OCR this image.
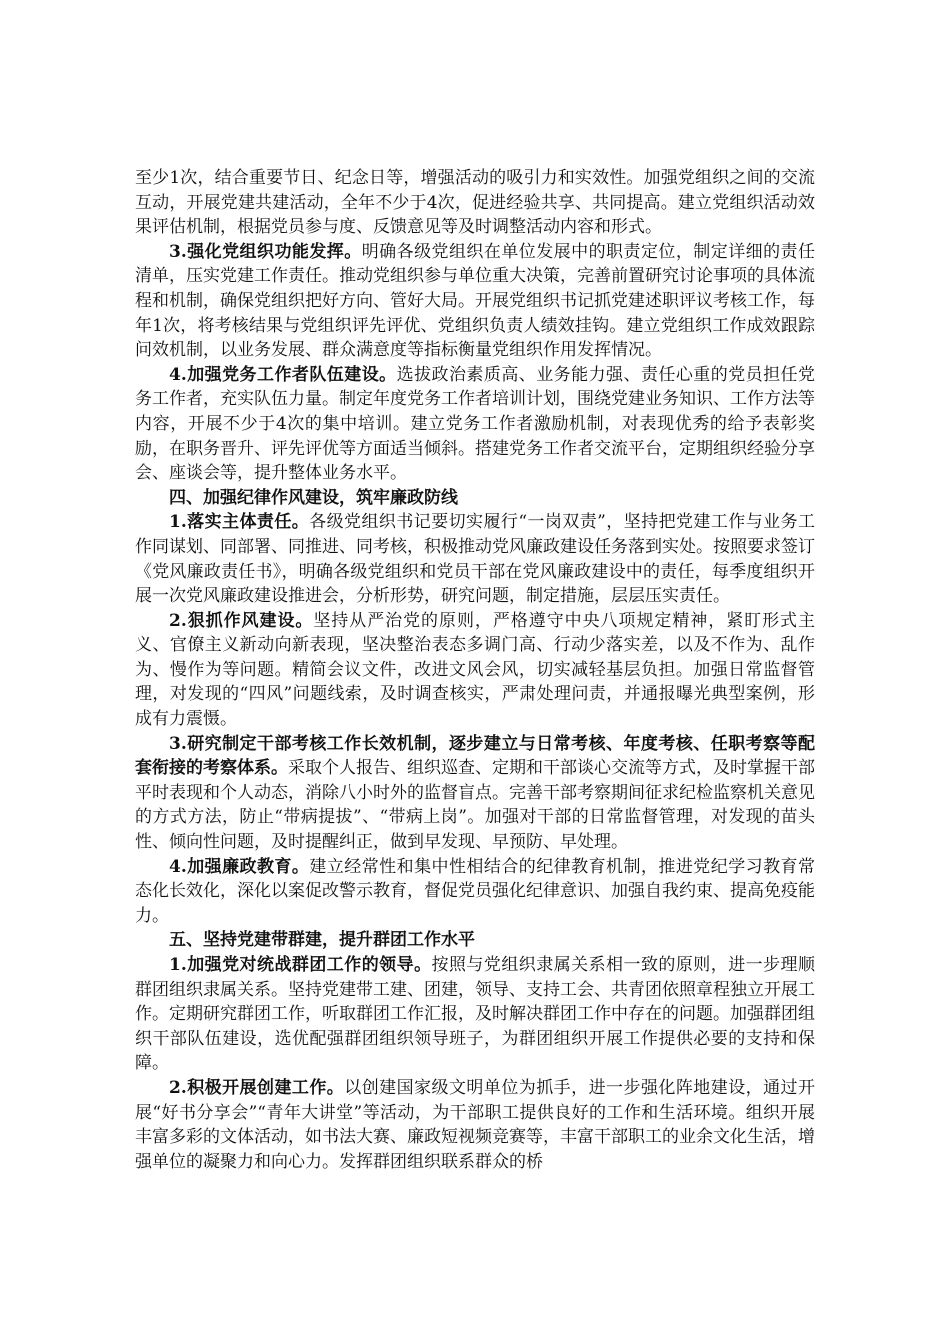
至少1次，结合重要节日、纪念日等，增强活动的吸引力和实效性。加强党组织之间的交流互动，开展党建共建活动，全年不少于4次，促进经验共享、共同提高。建立党组织活动效果评估机制，根据党员参与度、反馈意见等及时调整活动内容和形式。

3.强化党组织功能发挥。明确各级党组织在单位发展中的职责定位，制定详细的责任清单，压实党建工作责任。推动党组织参与单位重大决策，完善前置研究讨论事项的具体流程和机制，确保党组织把好方向、管好大局。开展党组织书记抓党建述职评议考核工作，每年1次，将考核结果与党组织评先评优、党组织负责人绩效挂钩。建立党组织工作成效跟踪问效机制，以业务发展、群众满意度等指标衡量党组织作用发挥情况。

4.加强党务工作者队伍建设。选拔政治素质高、业务能力强、责任心重的党员担任党务工作者，充实队伍力量。制定年度党务工作者培训计划，围绕党建业务知识、工作方法等内容，开展不少于4次的集中培训。建立党务工作者激励机制，对表现优秀的给予表彰奖励，在职务晋升、评先评优等方面适当倾斜。搭建党务工作者交流平台，定期组织经验分享会、座谈会等，提升整体业务水平。

四、加强纪律作风建设，筑牢廉政防线

1.落实主体责任。各级党组织书记要切实履行“一岗双责”，坚持把党建工作与业务工作同谋划、同部署、同推进、同考核，积极推动党风廉政建设任务落到实处。按照要求签订《党风廉政责任书》，明确各级党组织和党员干部在党风廉政建设中的责任，每季度组织开展一次党风廉政建设推进会，分析形势，研究问题，制定措施，层层压实责任。

2.狠抓作风建设。坚持从严治党的原则，严格遵守中央八项规定精神，紧盯形式主义、官僚主义新动向新表现，坚决整治表态多调门高、行动少落实差，以及不作为、乱作为、慢作为等问题。精简会议文件，改进文风会风，切实减轻基层负担。加强日常监督管理，对发现的“四风”问题线索，及时调查核实，严肃处理问责，并通报曝光典型案例，形成有力震慑。

3.研究制定干部考核工作长效机制，逐步建立与日常考核、年度考核、任职考察等配套衔接的考察体系。采取个人报告、组织巡查、定期和干部谈心交流等方式，及时掌握干部平时表现和个人动态，消除八小时外的监督盲点。完善干部考察期间征求纪检监察机关意见的方式方法，防止“带病提拔”、“带病上岗”。加强对干部的日常监督管理，对发现的苗头性、倾向性问题，及时提醒纠正，做到早发现、早预防、早处理。

4.加强廉政教育。建立经常性和集中性相结合的纪律教育机制，推进党纪学习教育常态化长效化，深化以案促改警示教育，督促党员强化纪律意识、加强自我约束、提高免疫能力。

五、坚持党建带群建，提升群团工作水平

1.加强党对统战群团工作的领导。按照与党组织隶属关系相一致的原则，进一步理顺群团组织隶属关系。坚持党建带工建、团建，领导、支持工会、共青团依照章程独立开展工作。定期研究群团工作，听取群团工作汇报，及时解决群团工作中存在的问题。加强群团组织干部队伍建设，选优配强群团组织领导班子，为群团组织开展工作提供必要的支持和保障。

2.积极开展创建工作。以创建国家级文明单位为抓手，进一步强化阵地建设，通过开展“好书分享会”“青年大讲堂”等活动，为干部职工提供良好的工作和生活环境。组织开展丰富多彩的文体活动，如书法大赛、廉政短视频竞赛等，丰富干部职工的业余文化生活，增强单位的凝聚力和向心力。发挥群团组织联系群众的桥
